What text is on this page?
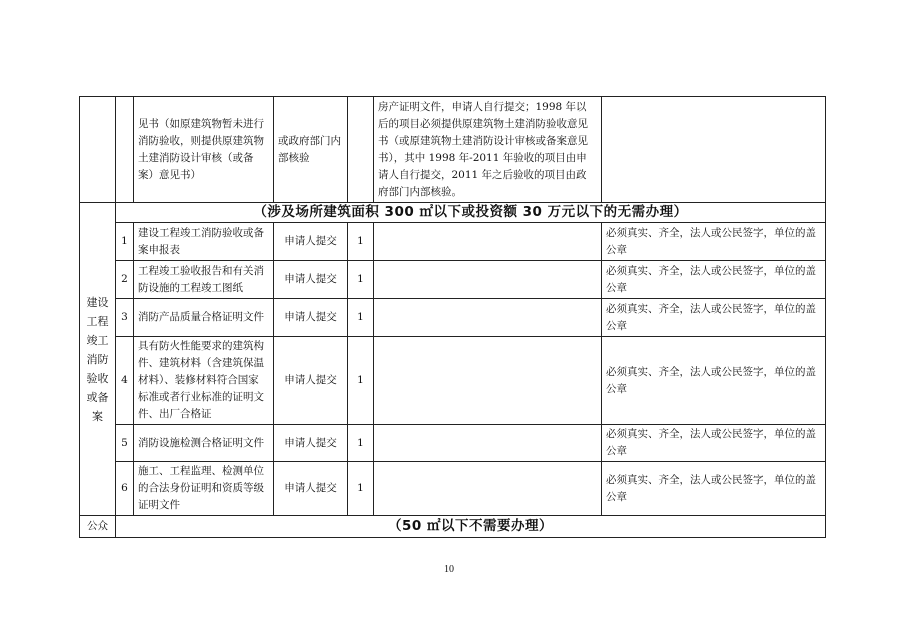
		见书（如原建筑物暂未进行消防验收，则提供原建筑物土建消防设计审核（或备案）意见书）	或政府部门内部核验		房产证明文件，申请人自行提交；1998 年以后的项目必须提供原建筑物土建消防验收意见书（或原建筑物土建消防设计审核或备案意见书），其中 1998 年-2011 年验收的项目由申请人自行提交，2011 年之后验收的项目由政府部门内部核验。	

建设工程竣工消防验收或备案	（涉及场所建筑面积 300 ㎡以下或投资额 30 万元以下的无需办理）					
	1	建设工程竣工消防验收或备案申报表	申请人提交	1		必须真实、齐全，法人或公民签字，单位的盖公章
	2	工程竣工验收报告和有关消防设施的工程竣工图纸	申请人提交	1		必须真实、齐全，法人或公民签字，单位的盖公章
	3	消防产品质量合格证明文件	申请人提交	1		必须真实、齐全，法人或公民签字，单位的盖公章
	4	具有防火性能要求的建筑构件、建筑材料（含建筑保温材料）、装修材料符合国家标准或者行业标准的证明文件、出厂合格证	申请人提交	1		必须真实、齐全，法人或公民签字，单位的盖公章
	5	消防设施检测合格证明文件	申请人提交	1		必须真实、齐全，法人或公民签字，单位的盖公章
	6	施工、工程监理、检测单位的合法身份证明和资质等级证明文件	申请人提交	1		必须真实、齐全，法人或公民签字，单位的盖公章
公众	（50 ㎡以下不需要办理）					
10
